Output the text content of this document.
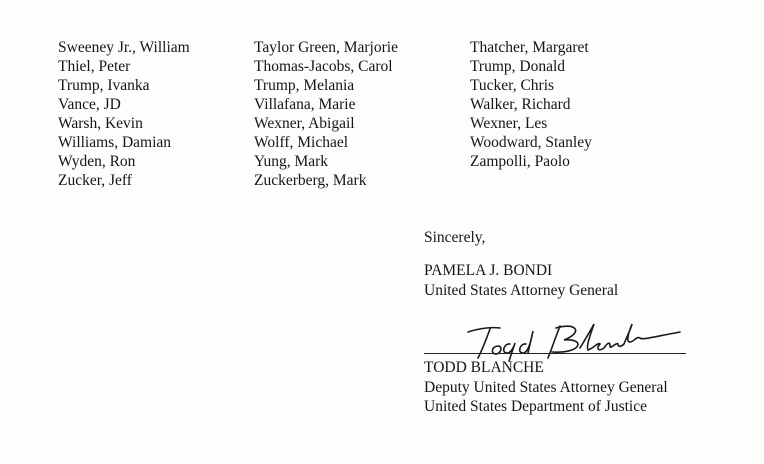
Sweeney Jr., William
Thiel, Peter
Trump, Ivanka
Vance, JD
Warsh, Kevin
Williams, Damian
Wyden, Ron
Zucker, Jeff
Taylor Green, Marjorie
Thomas-Jacobs, Carol
Trump, Melania
Villafana, Marie
Wexner, Abigail
Wolff, Michael
Yung, Mark
Zuckerberg, Mark
Thatcher, Margaret
Trump, Donald
Tucker, Chris
Walker, Richard
Wexner, Les
Woodward, Stanley
Zampolli, Paolo
Sincerely,
PAMELA J. BONDI
United States Attorney General
TODD BLANCHE
Deputy United States Attorney General
United States Department of Justice
